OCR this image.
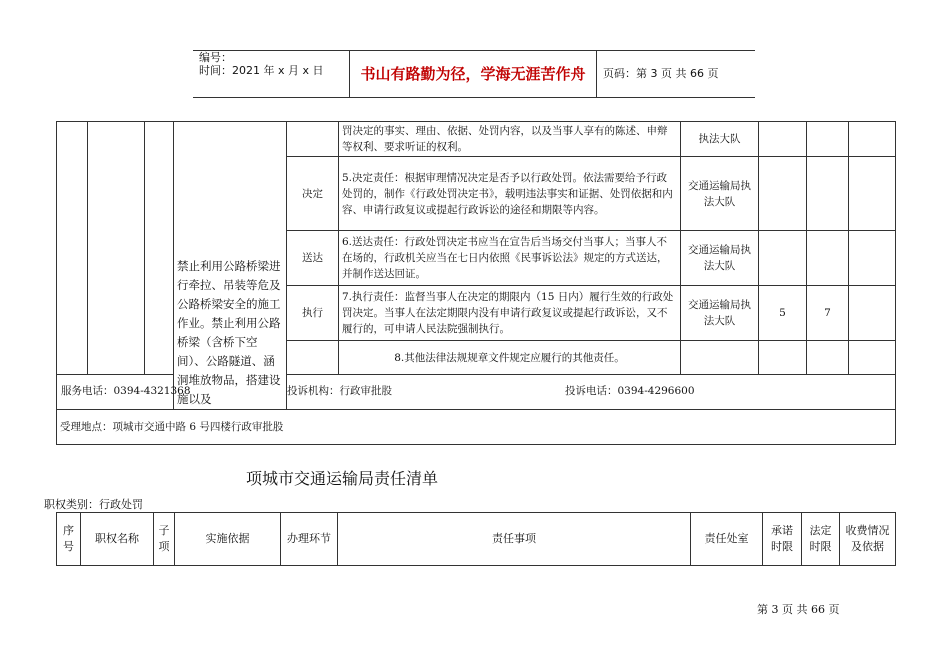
编号：
时间：2021 年 x 月 x 日	书山有路勤为径，学海无涯苦作舟	页码：第 3 页 共 66 页
			禁止利用公路桥梁进行牵拉、吊装等危及公路桥梁安全的施工作业。禁止利用公路桥梁（含桥下空间）、公路隧道、涵洞堆放物品，搭建设施以及		罚决定的事实、理由、依据、处罚内容，以及当事人享有的陈述、申辩等权利、要求听证的权利。	执法大队			
				决定	5.决定责任：根据审理情况决定是否予以行政处罚。依法需要给予行政处罚的，制作《行政处罚决定书》，载明违法事实和证据、处罚依据和内容、申请行政复议或提起行政诉讼的途径和期限等内容。	交通运输局执法大队			
				送达	6.送达责任：行政处罚决定书应当在宣告后当场交付当事人；当事人不在场的，行政机关应当在七日内依照《民事诉讼法》规定的方式送达，并制作送达回证。	交通运输局执法大队			
				执行	7.执行责任：监督当事人在决定的期限内（15 日内）履行生效的行政处罚决定。当事人在法定期限内没有申请行政复议或提起行政诉讼，又不履行的，可申请人民法院强制执行。	交通运输局执法大队	5	7	
					8.其他法律法规规章文件规定应履行的其他责任。				

服务电话：0394-4321368 投诉机构：行政审批股 投诉电话：0394-4296600									

受理地点：项城市交通中路 6 号四楼行政审批股									
项城市交通运输局责任清单
职权类别：行政处罚
序号	职权名称	子项	实施依据	办理环节	责任事项	责任处室	承诺时限	法定时限	收费情况及依据
第 3 页 共 66 页
